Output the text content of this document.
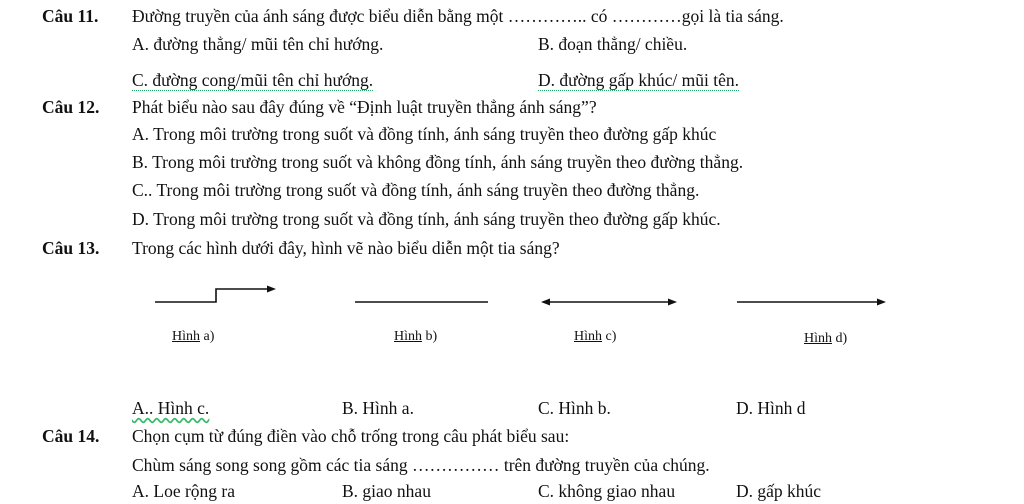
Câu 11. Đường truyền của ánh sáng được biểu diễn bằng một ………….. có …………gọi là tia sáng.
A. đường thẳng/ mũi tên chỉ hướng.	B. đoạn thẳng/ chiều.
C. đường cong/mũi tên chỉ hướng.	D. đường gấp khúc/ mũi tên.
Câu 12. Phát biểu nào sau đây đúng về “Định luật truyền thẳng ánh sáng”?
A. Trong môi trường trong suốt và đồng tính, ánh sáng truyền theo đường gấp khúc
B. Trong môi trường trong suốt và không đồng tính, ánh sáng truyền theo đường thẳng.
C.. Trong môi trường trong suốt và đồng tính, ánh sáng truyền theo đường thẳng.
D. Trong môi trường trong suốt và đồng tính, ánh sáng truyền theo đường gấp khúc.
Câu 13. Trong các hình dưới đây, hình vẽ nào biểu diễn một tia sáng?
Hình a)	Hình b)	Hình c)	Hình d)
A.. Hình c.	B. Hình a.	C. Hình b.	D. Hình d
Câu 14. Chọn cụm từ đúng điền vào chỗ trống trong câu phát biểu sau:
Chùm sáng song song gồm các tia sáng …………… trên đường truyền của chúng.
A. Loe rộng ra	B. giao nhau	C. không giao nhau	D. gấp khúc
